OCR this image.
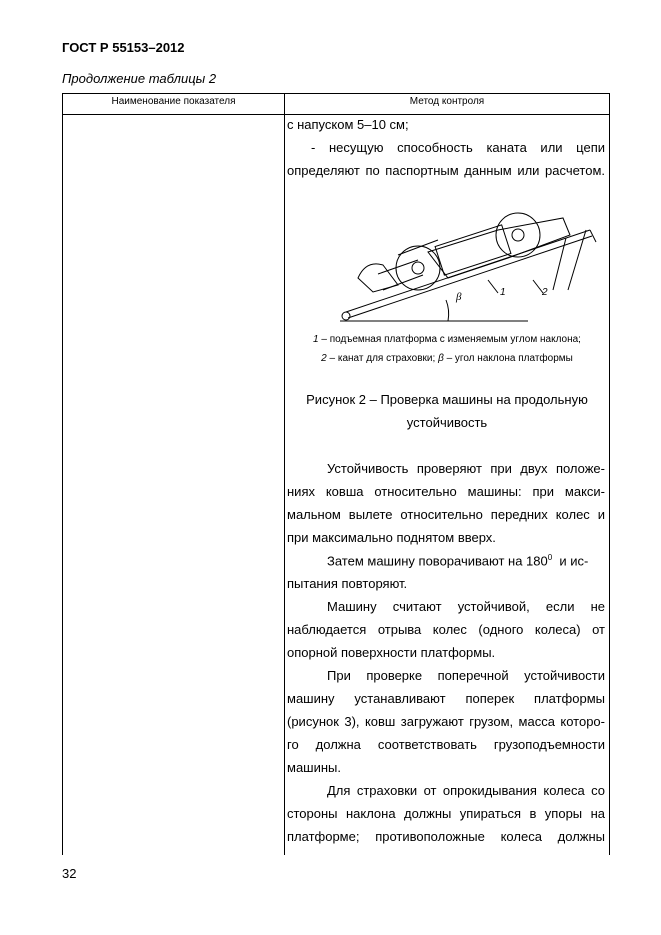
ГОСТ Р 55153–2012
Продолжение таблицы 2
Наименование показателя	Метод контроля
с напуском 5–10 см;
- несущую способность каната или цепи
определяют по паспортным данным или расчетом.
β	1	2
1 – подъемная платформа с изменяемым углом наклона;
2 – канат для страховки; β – угол наклона платформы
Рисунок 2 – Проверка машины на продольную
устойчивость
Устойчивость проверяют при двух положе-
ниях ковша относительно машины: при макси-
мальном вылете относительно передних колес и
при максимально поднятом вверх.
Затем машину поворачивают на $180^0$  и ис-
пытания повторяют.
Машину считают устойчивой, если не
наблюдается отрыва колес (одного колеса) от
опорной поверхности платформы.
При проверке поперечной устойчивости
машину устанавливают поперек платформы
(рисунок 3), ковш загружают грузом, масса которо-
го должна соответствовать грузоподъемности
машины.
Для страховки от опрокидывания колеса со
стороны наклона должны упираться в упоры на
платформе; противоположные колеса должны
32
